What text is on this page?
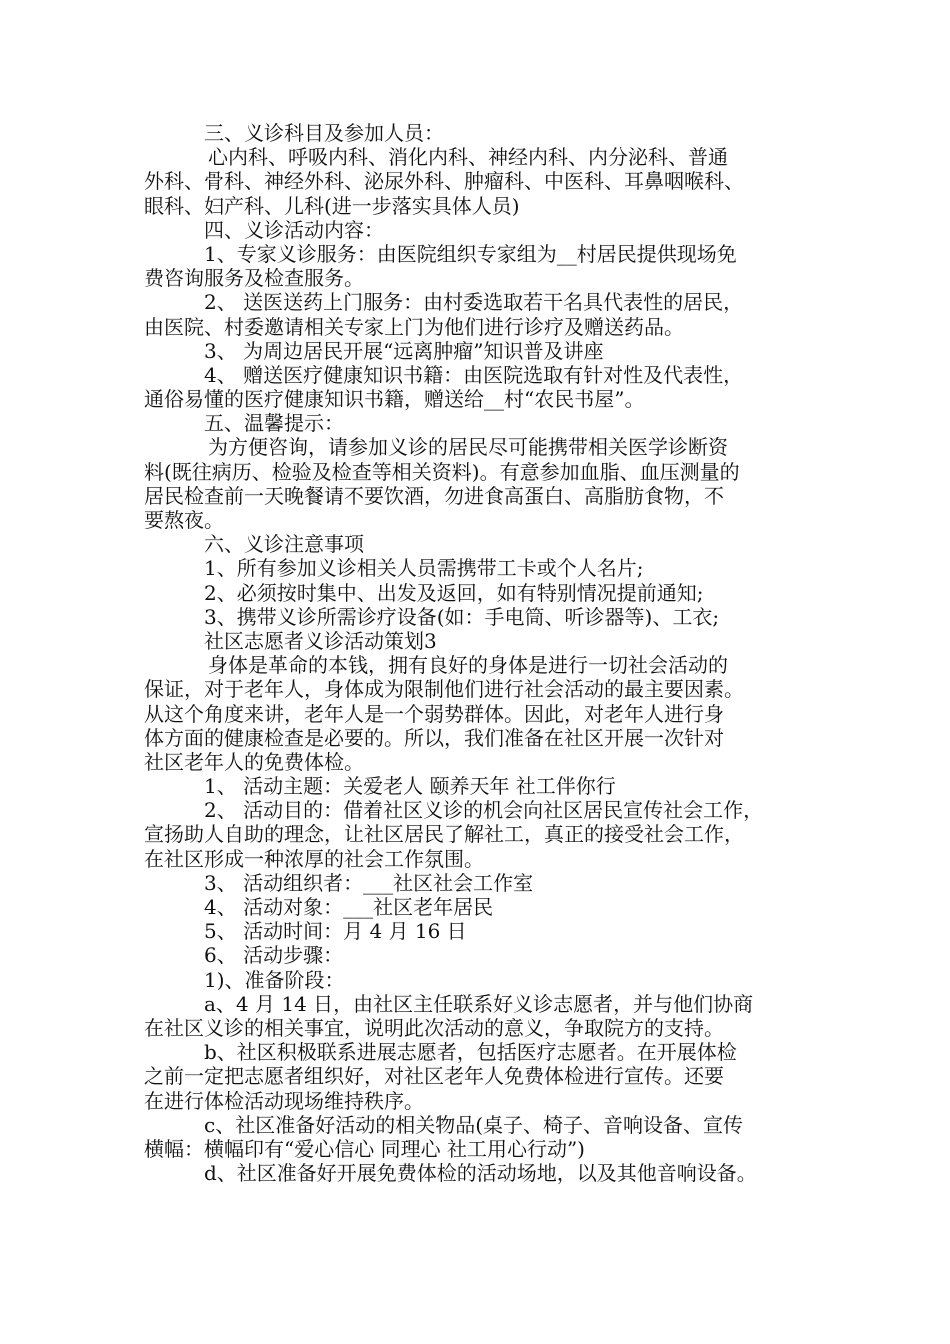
三、义诊科目及参加人员：
心内科、呼吸内科、消化内科、神经内科、内分泌科、普通
外科、骨科、神经外科、泌尿外科、肿瘤科、中医科、耳鼻咽喉科、
眼科、妇产科、儿科(进一步落实具体人员)
四、义诊活动内容：
1、专家义诊服务：由医院组织专家组为__村居民提供现场免
费咨询服务及检查服务。
2、 送医送药上门服务：由村委选取若干名具代表性的居民，
由医院、村委邀请相关专家上门为他们进行诊疗及赠送药品。
3、 为周边居民开展“远离肿瘤”知识普及讲座
4、 赠送医疗健康知识书籍：由医院选取有针对性及代表性，
通俗易懂的医疗健康知识书籍，赠送给__村“农民书屋”。
五、温馨提示：
为方便咨询，请参加义诊的居民尽可能携带相关医学诊断资
料(既往病历、检验及检查等相关资料)。有意参加血脂、血压测量的
居民检查前一天晚餐请不要饮酒，勿进食高蛋白、高脂肪食物，不
要熬夜。
六、义诊注意事项
1、所有参加义诊相关人员需携带工卡或个人名片;
2、必须按时集中、出发及返回，如有特别情况提前通知;
3、携带义诊所需诊疗设备(如：手电筒、听诊器等)、工衣;
社区志愿者义诊活动策划3
身体是革命的本钱，拥有良好的身体是进行一切社会活动的
保证，对于老年人，身体成为限制他们进行社会活动的最主要因素。
从这个角度来讲，老年人是一个弱势群体。因此，对老年人进行身
体方面的健康检查是必要的。所以，我们准备在社区开展一次针对
社区老年人的免费体检。
1、 活动主题：关爱老人 颐养天年 社工伴你行
2、 活动目的：借着社区义诊的机会向社区居民宣传社会工作，
宣扬助人自助的理念，让社区居民了解社工，真正的接受社会工作，
在社区形成一种浓厚的社会工作氛围。
3、 活动组织者：___社区社会工作室
4、 活动对象：___社区老年居民
5、 活动时间：月 4 月 16 日
6、 活动步骤：
1)、准备阶段：
a、4 月 14 日，由社区主任联系好义诊志愿者，并与他们协商
在社区义诊的相关事宜，说明此次活动的意义，争取院方的支持。
b、社区积极联系进展志愿者，包括医疗志愿者。在开展体检
之前一定把志愿者组织好，对社区老年人免费体检进行宣传。还要
在进行体检活动现场维持秩序。
c、社区准备好活动的相关物品(桌子、椅子、音响设备、宣传
横幅：横幅印有“爱心信心 同理心 社工用心行动”)
d、社区准备好开展免费体检的活动场地，以及其他音响设备。
